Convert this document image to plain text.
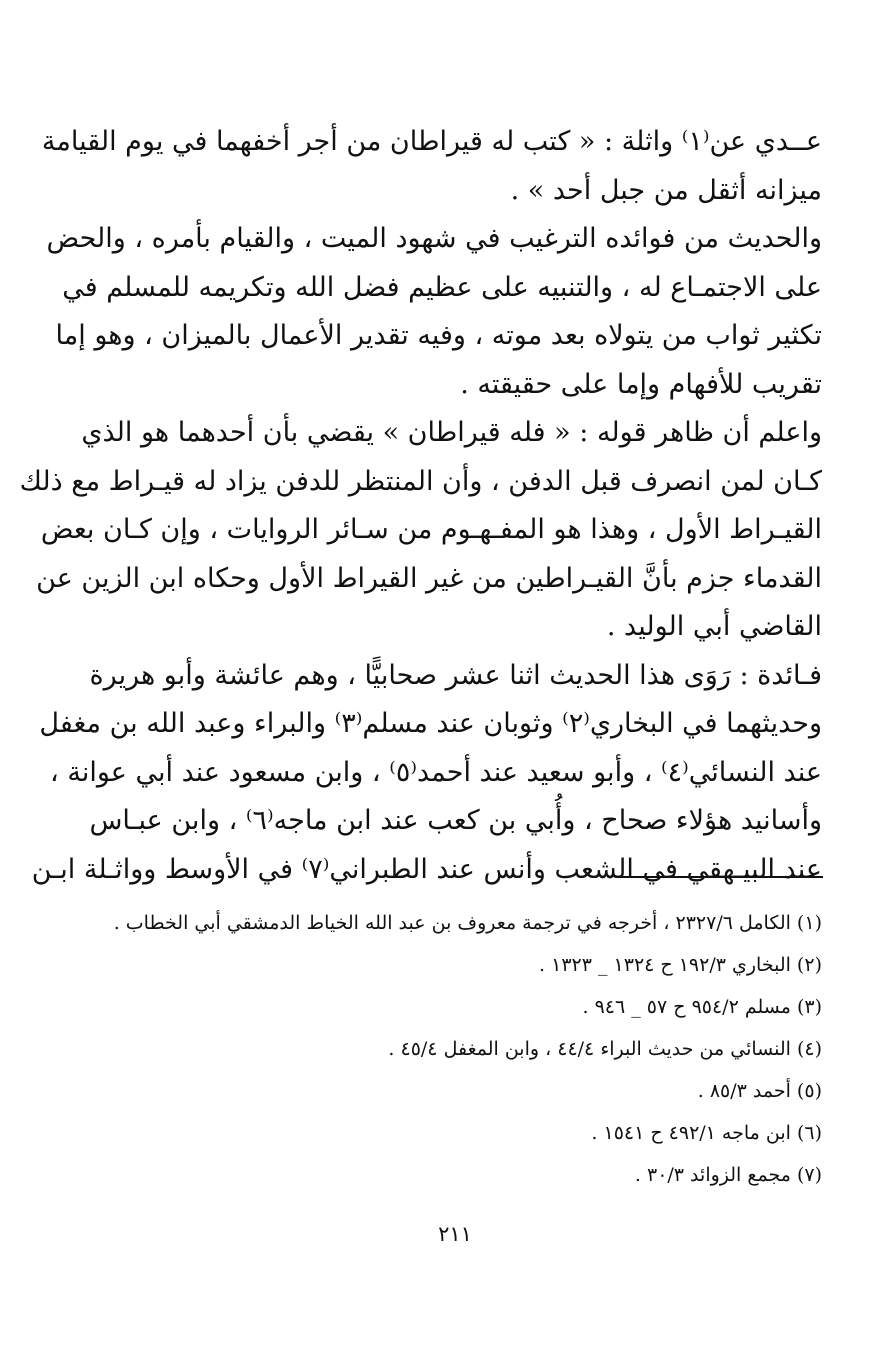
عــدي عن⁽١⁾ واثلة : « كتب له قيراطان من أجر أخفهما في يوم القيامة
ميزانه أثقل من جبل أحد » .

والحديث من فوائده الترغيب في شهود الميت ، والقيام بأمره ، والحض
على الاجتمـاع له ، والتنبيه على عظيم فضل الله وتكريمه للمسلم في
تكثير ثواب من يتولاه بعد موته ، وفيه تقدير الأعمال بالميزان ، وهو إما
تقريب للأفهام وإما على حقيقته .

واعلم أن ظاهر قوله : « فله قيراطان » يقضي بأن أحدهما هو الذي
كـان لمن انصرف قبل الدفن ، وأن المنتظر للدفن يزاد له قيـراط مع ذلك
القيـراط الأول ، وهذا هو المفـهـوم من سـائر الروايات ، وإن كـان بعض
القدماء جزم بأنَّ القيـراطين من غير القيراط الأول وحكاه ابن الزين عن
القاضي أبي الوليد .

فـائدة : رَوَى هذا الحديث اثنا عشر صحابيًّا ، وهم عائشة وأبو هريرة
وحديثهما في البخاري⁽٢⁾ وثوبان عند مسلم⁽٣⁾ والبراء وعبد الله بن مغفل
عند النسائي⁽٤⁾ ، وأبو سعيد عند أحمد⁽٥⁾ ، وابن مسعود عند أبي عوانة ،
وأسانيد هؤلاء صحاح ، وأُبي بن كعب عند ابن ماجه⁽٦⁾ ، وابن عبـاس
عند البيـهقي في الشعب وأنس عند الطبراني⁽٧⁾ في الأوسط وواثـلة ابـن

(١) الكامل ٢٣٢٧/٦ ، أخرجه في ترجمة معروف بن عبد الله الخياط الدمشقي أبي الخطاب .
(٢) البخاري ١٩٢/٣ ح ١٣٢٤ _ ١٣٢٣ .
(٣) مسلم ٩٥٤/٢ ح ٥٧ _ ٩٤٦ .
(٤) النسائي من حديث البراء ٤٤/٤ ، وابن المغفل ٤٥/٤ .
(٥) أحمد ٨٥/٣ .
(٦) ابن ماجه ٤٩٢/١ ح ١٥٤١ .
(٧) مجمع الزوائد ٣٠/٣ .
٢١١
